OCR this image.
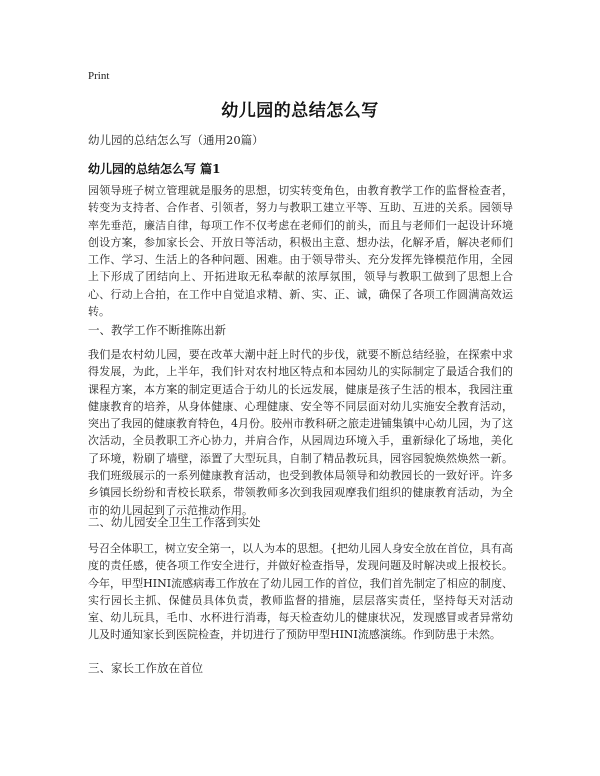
Print
幼儿园的总结怎么写
幼儿园的总结怎么写（通用20篇）
幼儿园的总结怎么写 篇1
园领导班子树立管理就是服务的思想，切实转变角色，由教育教学工作的监督检查者，转变为支持者、合作者、引领者，努力与教职工建立平等、互助、互进的关系。园领导率先垂范，廉洁自律，每项工作不仅考虑在老师们的前头，而且与老师们一起设计环境创设方案，参加家长会、开放日等活动，积极出主意、想办法，化解矛盾，解决老师们工作、学习、生活上的各种问题、困难。由于领导带头、充分发挥先锋模范作用，全园上下形成了团结向上、开拓进取无私奉献的浓厚氛围，领导与教职工做到了思想上合心、行动上合拍，在工作中自觉追求精、新、实、正、诚，确保了各项工作圆满高效运转。
一、教学工作不断推陈出新
我们是农村幼儿园，要在改革大潮中赶上时代的步伐，就要不断总结经验，在探索中求得发展，为此，上半年，我们针对农村地区特点和本园幼儿的实际制定了最适合我们的课程方案，本方案的制定更适合于幼儿的长远发展，健康是孩子生活的根本，我园注重健康教育的培养，从身体健康、心理健康、安全等不同层面对幼儿实施安全教育活动，突出了我园的健康教育特色，4月份。胶州市教科研之旅走进铺集镇中心幼儿园，为了这次活动，全员教职工齐心协力，并肩合作，从园周边环境入手，重新绿化了场地，美化了环境，粉刷了墙壁，添置了大型玩具，自制了精品教玩具，园容园貌焕然焕然一新。我们班级展示的一系列健康教育活动，也受到教体局领导和幼教园长的一致好评。许多乡镇园长纷纷和青校长联系，带领教师多次到我园观摩我们组织的健康教育活动，为全市的幼儿园起到了示范推动作用。
二、幼儿园安全卫生工作落到实处
号召全体职工，树立安全第一，以人为本的思想。{把幼儿园人身安全放在首位，具有高度的责任感，使各项工作安全进行，并做好检查指导，发现问题及时解决或上报校长。今年，甲型HINI流感病毒工作放在了幼儿园工作的首位，我们首先制定了相应的制度、实行园长主抓、保健员具体负责，教师监督的措施，层层落实责任，坚持每天对活动室、幼儿玩具，毛巾、水杯进行消毒，每天检查幼儿的健康状况，发现感冒或者异常幼儿及时通知家长到医院检查，并切进行了预防甲型HINI流感演练。作到防患于未然。
三、家长工作放在首位
